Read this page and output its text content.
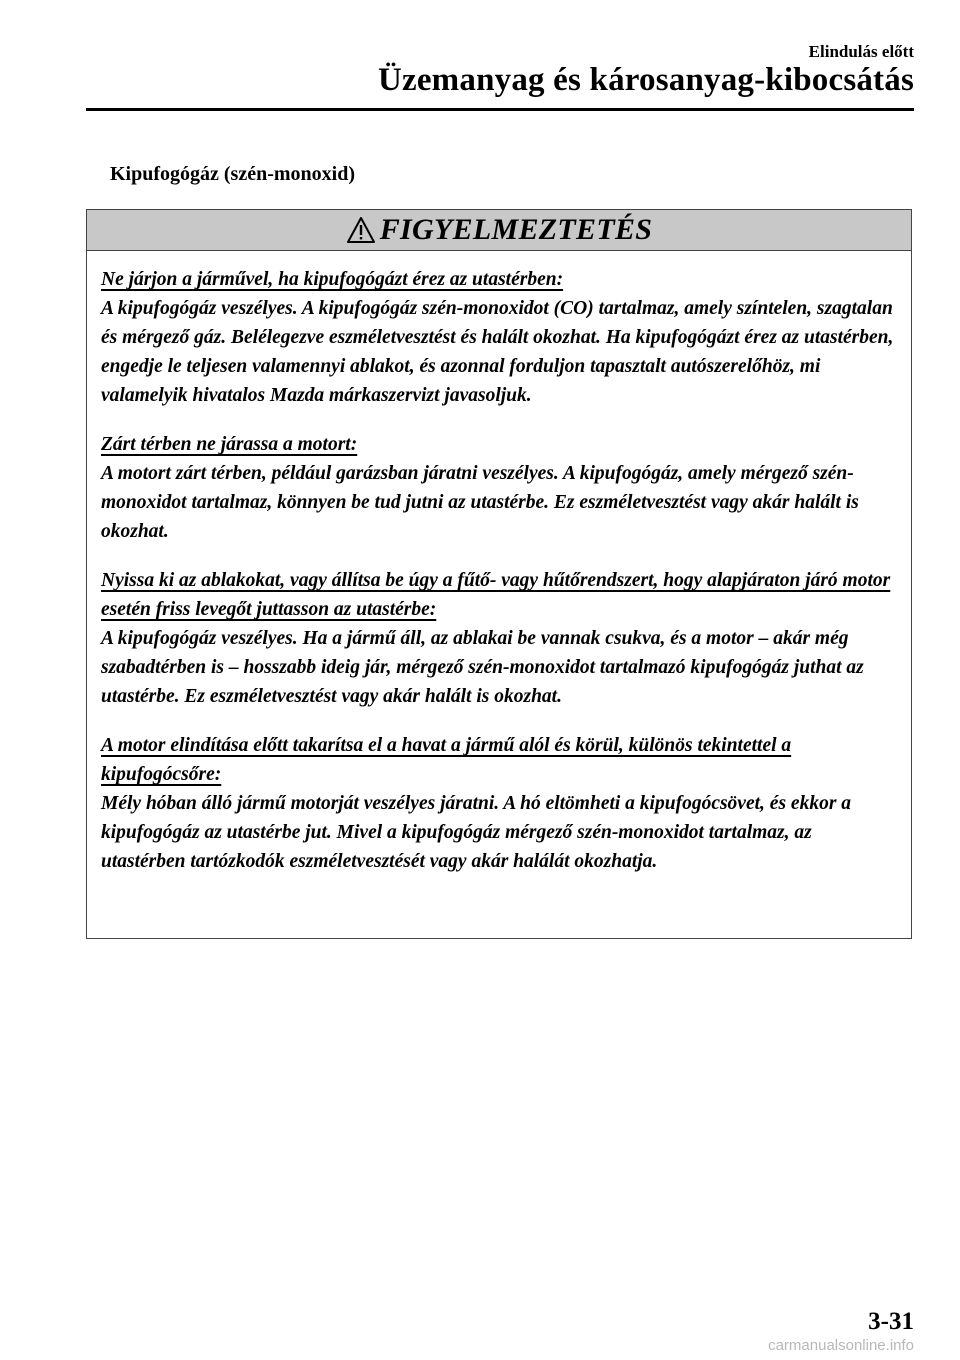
Elindulás előtt
Üzemanyag és károsanyag-kibocsátás
Kipufogógáz (szén-monoxid)
FIGYELMEZTETÉS

Ne járjon a járművel, ha kipufogógázt érez az utastérben:
A kipufogógáz veszélyes. A kipufogógáz szén-monoxidot (CO) tartalmaz, amely színtelen, szagtalan és mérgező gáz. Belélegezve eszméletvesztést és halált okozhat. Ha kipufogógázt érez az utastérben, engedje le teljesen valamennyi ablakot, és azonnal forduljon tapasztalt autószerelőhöz, mi valamelyik hivatalos Mazda márkaszervizt javasoljuk.

Zárt térben ne járassa a motort:
A motort zárt térben, például garázsban járatni veszélyes. A kipufogógáz, amely mérgező szén-monoxidot tartalmaz, könnyen be tud jutni az utastérbe. Ez eszméletvesztést vagy akár halált is okozhat.

Nyissa ki az ablakokat, vagy állítsa be úgy a fűtő- vagy hűtőrendszert, hogy alapjáraton járó motor esetén friss levegőt juttasson az utastérbe:
A kipufogógáz veszélyes. Ha a jármű áll, az ablakai be vannak csukva, és a motor – akár még szabadtérben is – hosszabb ideig jár, mérgező szén-monoxidot tartalmazó kipufogógáz juthat az utastérbe. Ez eszméletvesztést vagy akár halált is okozhat.

A motor elindítása előtt takarítsa el a havat a jármű alól és körül, különös tekintettel a kipufogócsőre:
Mély hóban álló jármű motorját veszélyes járatni. A hó eltömheti a kipufogócsövet, és ekkor a kipufogógáz az utastérbe jut. Mivel a kipufogógáz mérgező szén-monoxidot tartalmaz, az utastérben tartózkodók eszméletvesztését vagy akár halálát okozhatja.

3-31
carmanualsonline.info
